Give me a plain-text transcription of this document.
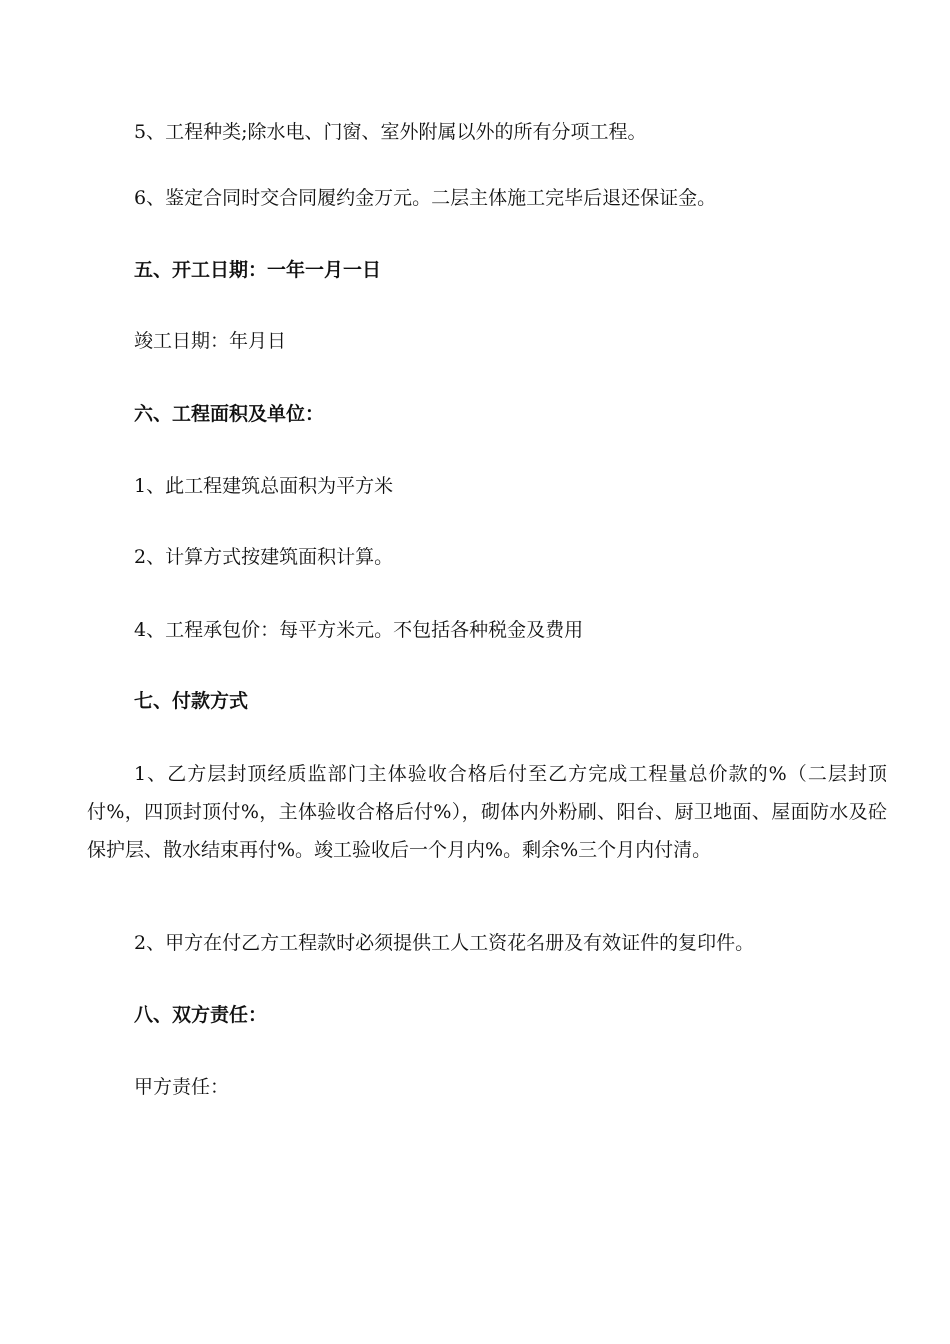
5、工程种类;除水电、门窗、室外附属以外的所有分项工程。
6、鉴定合同时交合同履约金万元。二层主体施工完毕后退还保证金。
五、开工日期：一年一月一日
竣工日期：年月日
六、工程面积及单位：
1、此工程建筑总面积为平方米
2、计算方式按建筑面积计算。
4、工程承包价：每平方米元。不包括各种税金及费用
七、付款方式
1、乙方层封顶经质监部门主体验收合格后付至乙方完成工程量总价款的%（二层封顶付%，四顶封顶付%，主体验收合格后付%），砌体内外粉刷、阳台、厨卫地面、屋面防水及砼保护层、散水结束再付%。竣工验收后一个月内%。剩余%三个月内付清。
2、甲方在付乙方工程款时必须提供工人工资花名册及有效证件的复印件。
八、双方责任：
甲方责任：
